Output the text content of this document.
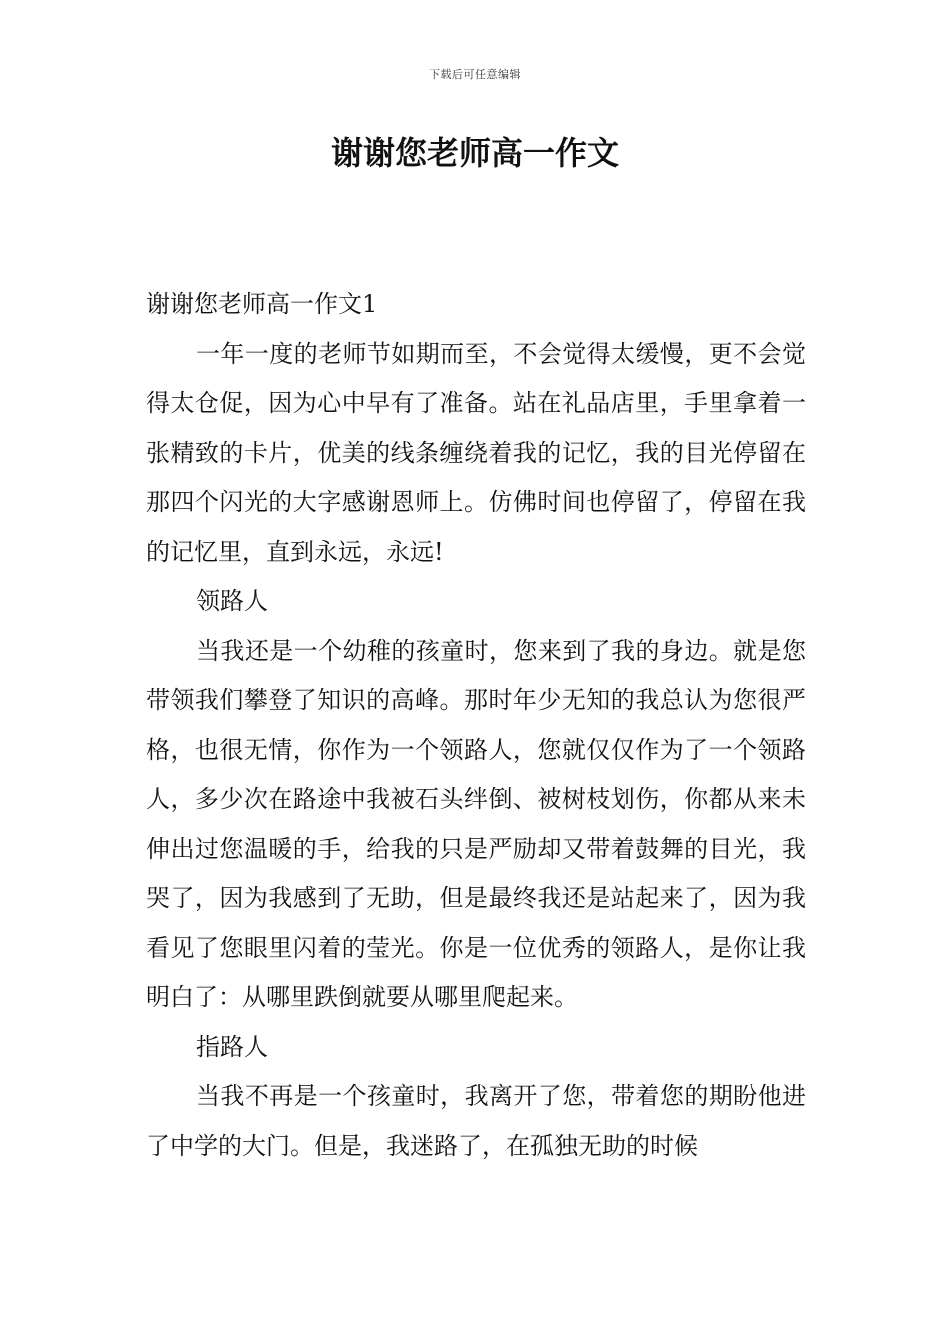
下载后可任意编辑
谢谢您老师高一作文

谢谢您老师高一作文1

一年一度的老师节如期而至，不会觉得太缓慢，更不会觉得太仓促，因为心中早有了准备。站在礼品店里，手里拿着一张精致的卡片，优美的线条缠绕着我的记忆，我的目光停留在那四个闪光的大字感谢恩师上。仿佛时间也停留了，停留在我的记忆里，直到永远，永远!

领路人

当我还是一个幼稚的孩童时，您来到了我的身边。就是您带领我们攀登了知识的高峰。那时年少无知的我总认为您很严格，也很无情，你作为一个领路人，您就仅仅作为了一个领路人，多少次在路途中我被石头绊倒、被树枝划伤，你都从来未伸出过您温暖的手，给我的只是严励却又带着鼓舞的目光，我哭了，因为我感到了无助，但是最终我还是站起来了，因为我看见了您眼里闪着的莹光。你是一位优秀的领路人，是你让我明白了：从哪里跌倒就要从哪里爬起来。

指路人

当我不再是一个孩童时，我离开了您，带着您的期盼他进了中学的大门。但是，我迷路了，在孤独无助的时候
